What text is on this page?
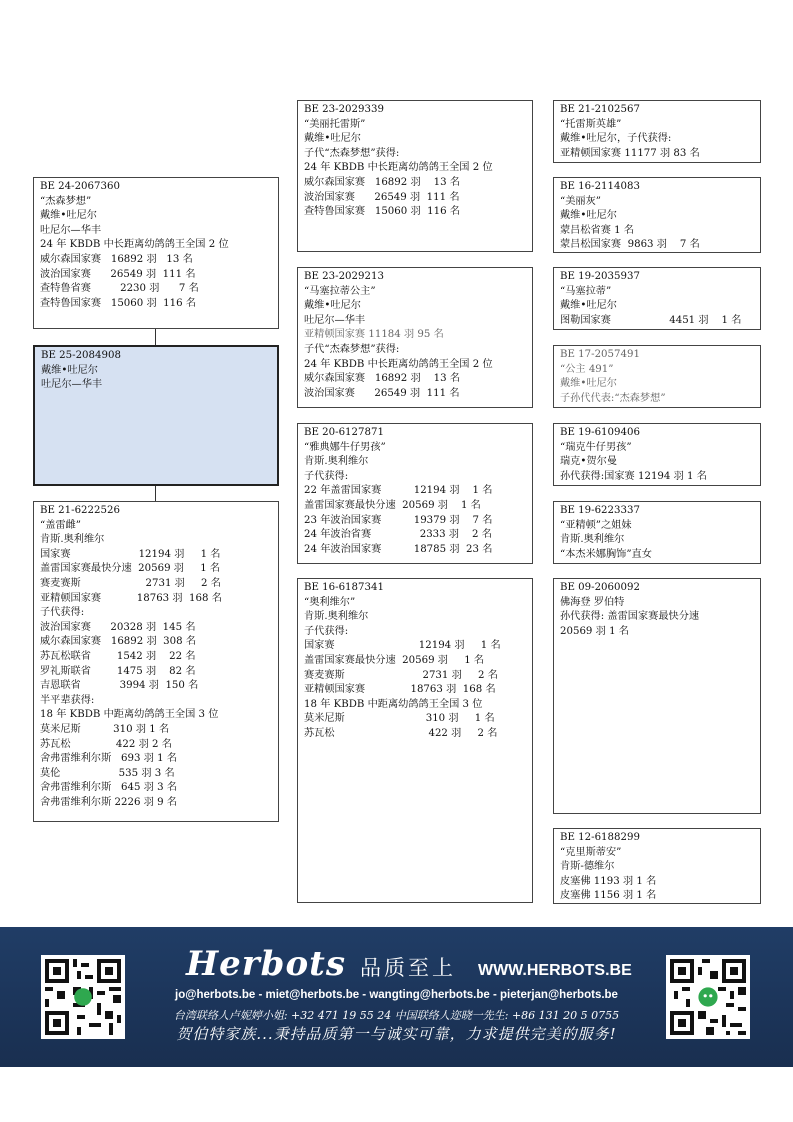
BE 24-2067360
“杰森梦想”
戴维•吐尼尔
吐尼尔—华丰
24 年 KBDB 中长距离幼鸽鸽王全国 2 位
威尔森国家赛   16892 羽   13 名
波治国家赛      26549 羽  111 名
查特鲁省赛         2230 羽      7 名
查特鲁国家赛   15060 羽  116 名
BE 25-2084908
戴维•吐尼尔
吐尼尔—华丰
BE 21-6222526
“盖雷雌”
肯斯.奥利维尔
国家赛                     12194 羽     1 名
盖雷国家赛最快分速  20569 羽     1 名
赛麦赛斯                    2731 羽     2 名
亚精顿国家赛           18763 羽  168 名
子代获得:
波治国家赛      20328 羽  145 名
威尔森国家赛   16892 羽  308 名
苏瓦松联省        1542 羽    22 名
罗礼斯联省        1475 羽    82 名
吉恩联省            3994 羽  150 名
半平辈获得:
18 年 KBDB 中距离幼鸽鸽王全国 3 位
莫米尼斯          310 羽 1 名
苏瓦松              422 羽 2 名
舍弗雷维利尔斯   693 羽 1 名
莫伦                  535 羽 3 名
舍弗雷维利尔斯   645 羽 3 名
舍弗雷维利尔斯 2226 羽 9 名
BE 23-2029339
“美丽托雷斯”
戴维•吐尼尔
子代“杰森梦想”获得:
24 年 KBDB 中长距离幼鸽鸽王全国 2 位
威尔森国家赛   16892 羽    13 名
波治国家赛      26549 羽  111 名
查特鲁国家赛   15060 羽  116 名
BE 23-2029213
“马塞拉蒂公主”
戴维•吐尼尔
吐尼尔—华丰
亚精顿国家赛 11184 羽 95 名
子代“杰森梦想”获得:
24 年 KBDB 中长距离幼鸽鸽王全国 2 位
威尔森国家赛   16892 羽    13 名
波治国家赛      26549 羽  111 名
BE 20-6127871
“雅典娜牛仔男孩”
肯斯.奥利维尔
子代获得:
22 年盖雷国家赛          12194 羽    1 名
盖雷国家赛最快分速  20569 羽    1 名
23 年波治国家赛          19379 羽    7 名
24 年波治省赛               2333 羽    2 名
24 年波治国家赛          18785 羽  23 名
BE 16-6187341
“奥利维尔”
肯斯.奥利维尔
子代获得:
国家赛                          12194 羽     1 名
盖雷国家赛最快分速  20569 羽     1 名
赛麦赛斯                        2731 羽     2 名
亚精顿国家赛              18763 羽  168 名
18 年 KBDB 中距离幼鸽鸽王全国 3 位
莫米尼斯                         310 羽     1 名
苏瓦松                             422 羽     2 名
BE 21-2102567
“托雷斯英雄”
戴维•吐尼尔，子代获得:
亚精顿国家赛 11177 羽 83 名
BE 16-2114083
“美丽灰”
戴维•吐尼尔
蒙吕松省赛 1 名
蒙吕松国家赛  9863 羽    7 名
BE 19-2035937
“马塞拉蒂”
戴维•吐尼尔
图勒国家赛                  4451 羽    1 名
BE 17-2057491
“公主 491”
戴维•吐尼尔
子孙代代表:“杰森梦想”
BE 19-6109406
“瑞克牛仔男孩”
瑞克•贺尔曼
孙代获得:国家赛 12194 羽 1 名
BE 19-6223337
“亚精顿”之姐妹
肯斯.奥利维尔
“本杰米娜胸饰”直女
BE 09-2060092
佛海登 罗伯特
孙代获得: 盖雷国家赛最快分速
20569 羽 1 名
BE 12-6188299
“克里斯蒂安”
肯斯-德维尔
皮塞佛 1193 羽 1 名
皮塞佛 1156 羽 1 名
Herbots 品质至上 WWW.HERBOTS.BE
jo@herbots.be - miet@herbots.be - wangting@herbots.be - pieterjan@herbots.be
台湾联络人卢妮婷小姐: +32 471 19 55 24 中国联络人迩晓一先生: +86 131 20 5 0755
贺伯特家族...秉持品质第一与诚实可靠，力求提供完美的服务!
